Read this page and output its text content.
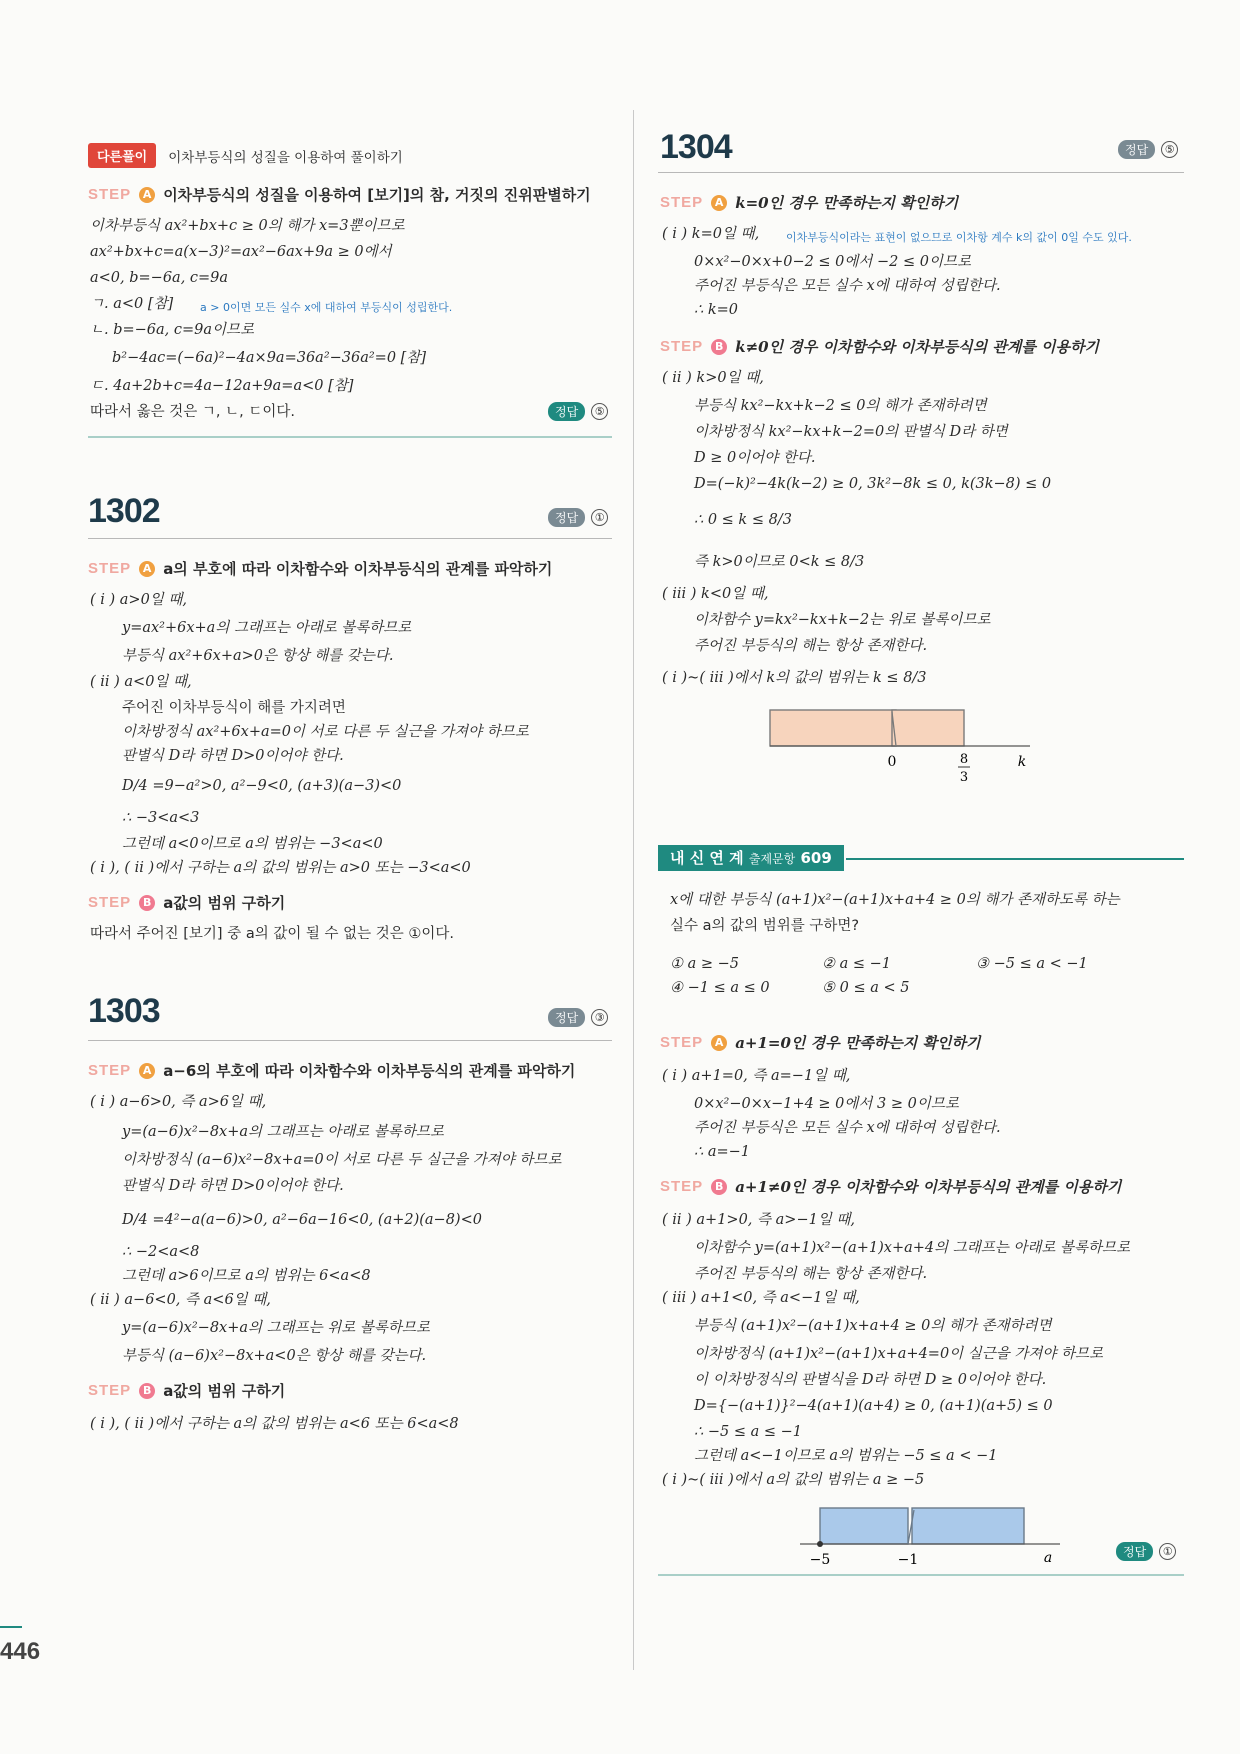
다른풀이	이차부등식의 성질을 이용하여 풀이하기
STEP	A 이차부등식의 성질을 이용하여 [보기]의 참, 거짓의 진위판별하기
이차부등식 ax²+bx+c ≥ 0의 해가 x=3뿐이므로
ax²+bx+c=a(x−3)²=ax²−6ax+9a ≥ 0에서
a<0, b=−6a, c=9a
ㄱ. a<0 [참] a > 0이면 모든 실수 x에 대하여 부등식이 성립한다.
ㄴ. b=−6a, c=9a이므로
b²−4ac=(−6a)²−4a×9a=36a²−36a²=0 [참]
ㄷ. 4a+2b+c=4a−12a+9a=a<0 [참]
따라서 옳은 것은 ㄱ, ㄴ, ㄷ이다.	정답	⑤
1302	정답	①
STEP	A a의 부호에 따라 이차함수와 이차부등식의 관계를 파악하기
( i ) a>0일 때,
y=ax²+6x+a의 그래프는 아래로 볼록하므로
부등식 ax²+6x+a>0은 항상 해를 갖는다.
( ii ) a<0일 때,
주어진 이차부등식이 해를 가지려면
이차방정식 ax²+6x+a=0이 서로 다른 두 실근을 가져야 하므로
판별식 D라 하면 D>0이어야 한다.
D/4 =9−a²>0, a²−9<0, (a+3)(a−3)<0
∴ −3<a<3
그런데 a<0이므로 a의 범위는 −3<a<0
( i ), ( ii )에서 구하는 a의 값의 범위는 a>0 또는 −3<a<0
STEP	B a값의 범위 구하기
따라서 주어진 [보기] 중 a의 값이 될 수 없는 것은 ①이다.
1303	정답	③
STEP	A a−6의 부호에 따라 이차함수와 이차부등식의 관계를 파악하기
( i ) a−6>0, 즉 a>6일 때,
y=(a−6)x²−8x+a의 그래프는 아래로 볼록하므로
이차방정식 (a−6)x²−8x+a=0이 서로 다른 두 실근을 가져야 하므로
판별식 D라 하면 D>0이어야 한다.
D/4 =4²−a(a−6)>0, a²−6a−16<0, (a+2)(a−8)<0
∴ −2<a<8
그런데 a>6이므로 a의 범위는 6<a<8
( ii ) a−6<0, 즉 a<6일 때,
y=(a−6)x²−8x+a의 그래프는 위로 볼록하므로
부등식 (a−6)x²−8x+a<0은 항상 해를 갖는다.
STEP	B a값의 범위 구하기
( i ), ( ii )에서 구하는 a의 값의 범위는 a<6 또는 6<a<8
1304	정답	⑤
STEP	A k=0인 경우 만족하는지 확인하기
( i ) k=0일 때, 이차부등식이라는 표현이 없으므로 이차항 계수 k의 값이 0일 수도 있다.
0×x²−0×x+0−2 ≤ 0에서 −2 ≤ 0이므로
주어진 부등식은 모든 실수 x에 대하여 성립한다.
∴ k=0
STEP	B k≠0인 경우 이차함수와 이차부등식의 관계를 이용하기
( ii ) k>0일 때,
부등식 kx²−kx+k−2 ≤ 0의 해가 존재하려면
이차방정식 kx²−kx+k−2=0의 판별식 D라 하면
D ≥ 0이어야 한다.
D=(−k)²−4k(k−2) ≥ 0, 3k²−8k ≤ 0, k(3k−8) ≤ 0
∴ 0 ≤ k ≤ 8/3
즉 k>0이므로 0<k ≤ 8/3
( iii ) k<0일 때,
이차함수 y=kx²−kx+k−2는 위로 볼록이므로
주어진 부등식의 해는 항상 존재한다.
( i )~( iii )에서 k의 값의 범위는 k ≤ 8/3
0	8
3
k
내 신 연 계 출제문항 609
x에 대한 부등식 (a+1)x²−(a+1)x+a+4 ≥ 0의 해가 존재하도록 하는
실수 a의 값의 범위를 구하면?
① a ≥ −5	② a ≤ −1	③ −5 ≤ a < −1
④ −1 ≤ a ≤ 0	⑤ 0 ≤ a < 5
STEP	A a+1=0인 경우 만족하는지 확인하기
( i ) a+1=0, 즉 a=−1일 때,
0×x²−0×x−1+4 ≥ 0에서 3 ≥ 0이므로
주어진 부등식은 모든 실수 x에 대하여 성립한다.
∴ a=−1
STEP	B a+1≠0인 경우 이차함수와 이차부등식의 관계를 이용하기
( ii ) a+1>0, 즉 a>−1일 때,
이차함수 y=(a+1)x²−(a+1)x+a+4의 그래프는 아래로 볼록하므로
주어진 부등식의 해는 항상 존재한다.
( iii ) a+1<0, 즉 a<−1일 때,
부등식 (a+1)x²−(a+1)x+a+4 ≥ 0의 해가 존재하려면
이차방정식 (a+1)x²−(a+1)x+a+4=0이 실근을 가져야 하므로
이 이차방정식의 판별식을 D라 하면 D ≥ 0이어야 한다.
D={−(a+1)}²−4(a+1)(a+4) ≥ 0, (a+1)(a+5) ≤ 0
∴ −5 ≤ a ≤ −1
그런데 a<−1이므로 a의 범위는 −5 ≤ a < −1
( i )~( iii )에서 a의 값의 범위는 a ≥ −5
−5	−1	a	정답	①
446
